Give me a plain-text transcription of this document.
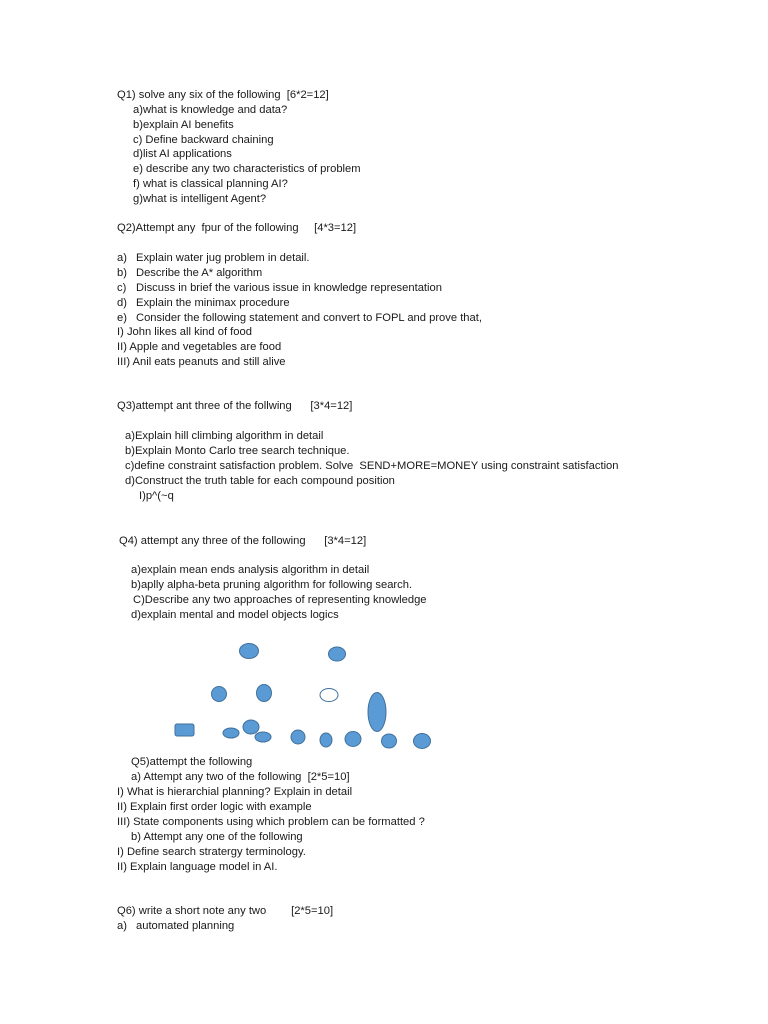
Q1) solve any six of the following  [6*2=12]
a)what is knowledge and data?
b)explain AI benefits
c) Define backward chaining
d)list AI applications
e) describe any two characteristics of problem
f) what is classical planning AI?
g)what is intelligent Agent?
Q2)Attempt any  fpur of the following     [4*3=12]
a) Explain water jug problem in detail.
b) Describe the A* algorithm
c) Discuss in brief the various issue in knowledge representation
d) Explain the minimax procedure
e) Consider the following statement and convert to FOPL and prove that,
I) John likes all kind of food
II) Apple and vegetables are food
III) Anil eats peanuts and still alive
Q3)attempt ant three of the follwing      [3*4=12]
a)Explain hill climbing algorithm in detail
b)Explain Monto Carlo tree search technique.
c)define constraint satisfaction problem. Solve  SEND+MORE=MONEY using constraint satisfaction
d)Construct the truth table for each compound position
I)p^(~q
Q4) attempt any three of the following      [3*4=12]
a)explain mean ends analysis algorithm in detail
b)aplly alpha-beta pruning algorithm for following search.
C)Describe any two approaches of representing knowledge
d)explain mental and model objects logics
Q5)attempt the following
a) Attempt any two of the following  [2*5=10]
I) What is hierarchial planning? Explain in detail
II) Explain first order logic with example
III) State components using which problem can be formatted ?
b) Attempt any one of the following
I) Define search stratergy terminology.
II) Explain language model in AI.
Q6) write a short note any two        [2*5=10]
a) automated planning
